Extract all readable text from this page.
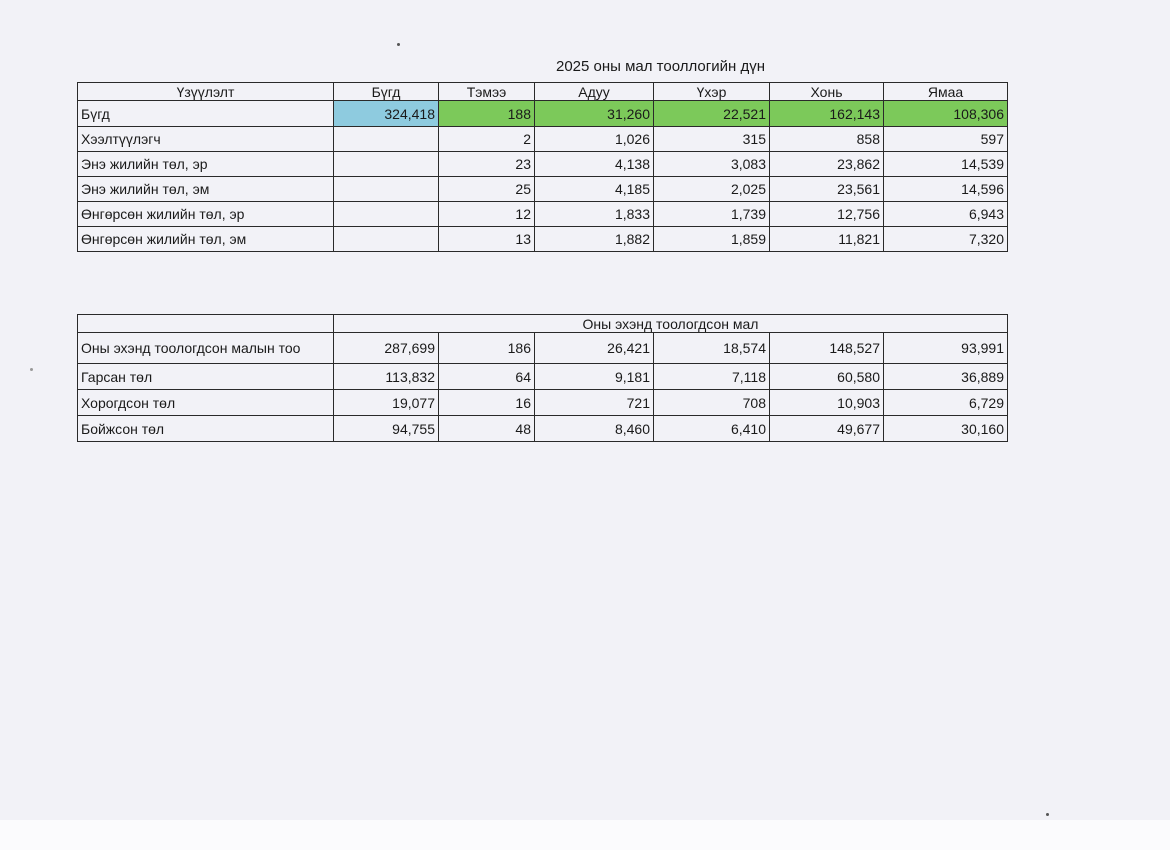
2025 оны мал тооллогийн дүн
Үзүүлэлт	Бүгд	Тэмээ	Адуу	Үхэр	Хонь	Ямаа
Бүгд	324,418	188	31,260	22,521	162,143	108,306
Хээлтүүлэгч		2	1,026	315	858	597
Энэ жилийн төл, эр		23	4,138	3,083	23,862	14,539
Энэ жилийн төл, эм		25	4,185	2,025	23,561	14,596
Өнгөрсөн жилийн төл, эр		12	1,833	1,739	12,756	6,943
Өнгөрсөн жилийн төл, эм		13	1,882	1,859	11,821	7,320
	Оны эхэнд тоологдсон мал					
Оны эхэнд тоологдсон малын тоо	287,699	186	26,421	18,574	148,527	93,991
Гарсан төл	113,832	64	9,181	7,118	60,580	36,889
Хорогдсон төл	19,077	16	721	708	10,903	6,729
Бойжсон төл	94,755	48	8,460	6,410	49,677	30,160
